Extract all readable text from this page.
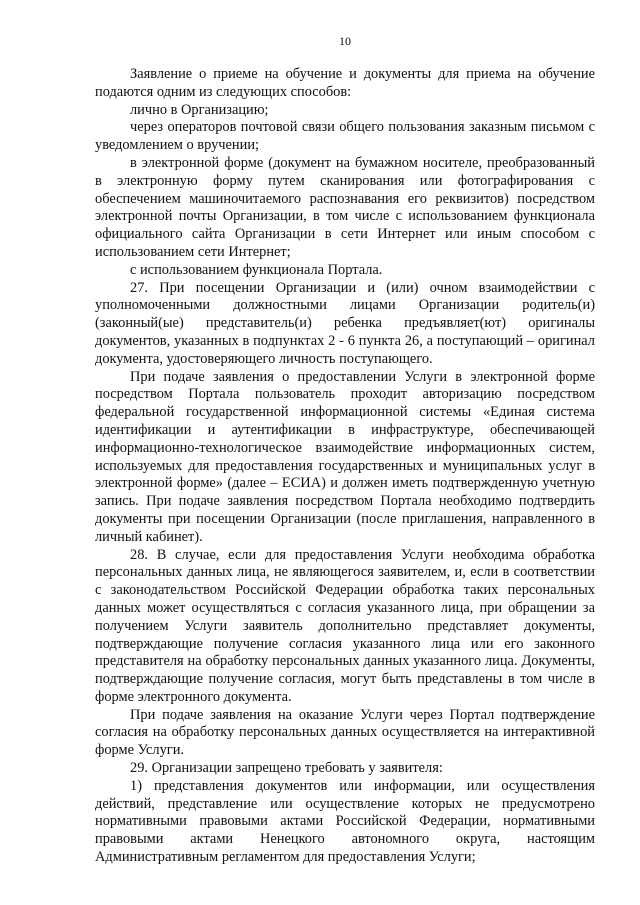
10

Заявление о приеме на обучение и документы для приема на обучение подаются одним из следующих способов:

лично в Организацию;

через операторов почтовой связи общего пользования заказным письмом с уведомлением о вручении;

в электронной форме (документ на бумажном носителе, преобразованный в электронную форму путем сканирования или фотографирования с обеспечением машиночитаемого распознавания его реквизитов) посредством электронной почты Организации, в том числе с использованием функционала официального сайта Организации в сети Интернет или иным способом с использованием сети Интернет;

с использованием функционала Портала.

27. При посещении Организации и (или) очном взаимодействии с уполномоченными должностными лицами Организации родитель(и) (законный(ые) представитель(и) ребенка предъявляет(ют) оригиналы документов, указанных в подпунктах 2 - 6 пункта 26, а поступающий – оригинал документа, удостоверяющего личность поступающего.

При подаче заявления о предоставлении Услуги в электронной форме посредством Портала пользователь проходит авторизацию посредством федеральной государственной информационной системы «Единая система идентификации и аутентификации в инфраструктуре, обеспечивающей информационно-технологическое взаимодействие информационных систем, используемых для предоставления государственных и муниципальных услуг в электронной форме» (далее – ЕСИА) и должен иметь подтвержденную учетную запись. При подаче заявления посредством Портала необходимо подтвердить документы при посещении Организации (после приглашения, направленного в личный кабинет).

28. В случае, если для предоставления Услуги необходима обработка персональных данных лица, не являющегося заявителем, и, если в соответствии с законодательством Российской Федерации обработка таких персональных данных может осуществляться с согласия указанного лица, при обращении за получением Услуги заявитель дополнительно представляет документы, подтверждающие получение согласия указанного лица или его законного представителя на обработку персональных данных указанного лица. Документы, подтверждающие получение согласия, могут быть представлены в том числе в форме электронного документа.

При подаче заявления на оказание Услуги через Портал подтверждение согласия на обработку персональных данных осуществляется на интерактивной форме Услуги.

29. Организации запрещено требовать у заявителя:

1) представления документов или информации, или осуществления действий, представление или осуществление которых не предусмотрено нормативными правовыми актами Российской Федерации, нормативными правовыми актами Ненецкого автономного округа, настоящим Административным регламентом для предоставления Услуги;
